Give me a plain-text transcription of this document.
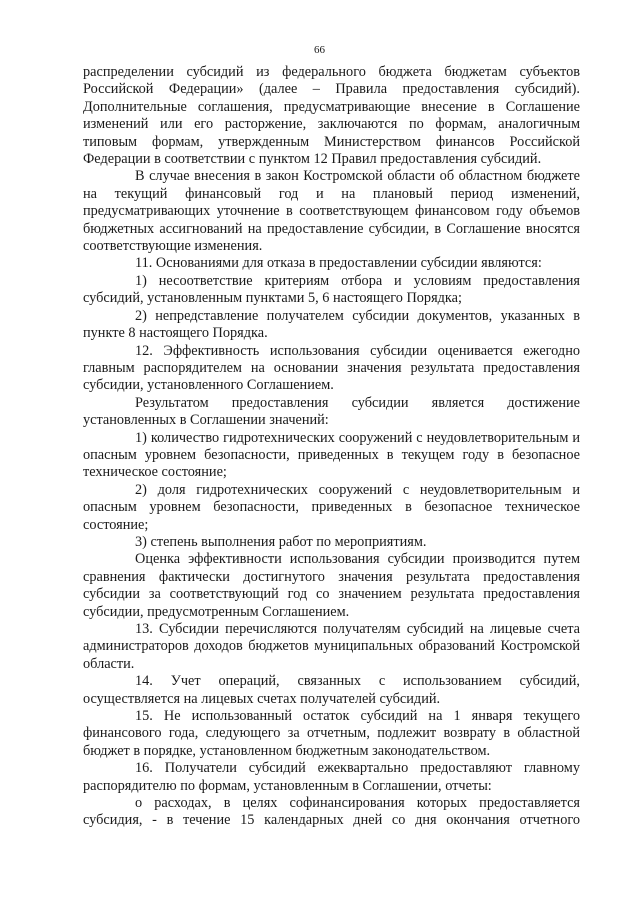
66

распределении субсидий из федерального бюджета бюджетам субъектов Российской Федерации» (далее – Правила предоставления субсидий). Дополнительные соглашения, предусматривающие внесение в Соглашение изменений или его расторжение, заключаются по формам, аналогичным типовым формам, утвержденным Министерством финансов Российской Федерации в соответствии с пунктом 12 Правил предоставления субсидий.

В случае внесения в закон Костромской области об областном бюджете на текущий финансовый год и на плановый период изменений, предусматривающих уточнение в соответствующем финансовом году объемов бюджетных ассигнований на предоставление субсидии, в Соглашение вносятся соответствующие изменения.

11. Основаниями для отказа в предоставлении субсидии являются:

1) несоответствие критериям отбора и условиям предоставления субсидий, установленным пунктами 5, 6 настоящего Порядка;

2) непредставление получателем субсидии документов, указанных в пункте 8 настоящего Порядка.

12. Эффективность использования субсидии оценивается ежегодно главным распорядителем на основании значения результата предоставления субсидии, установленного Соглашением.

Результатом предоставления субсидии является достижение установленных в Соглашении значений:

1) количество гидротехнических сооружений с неудовлетворительным и опасным уровнем безопасности, приведенных в текущем году в безопасное техническое состояние;

2) доля гидротехнических сооружений с неудовлетворительным и опасным уровнем безопасности, приведенных в безопасное техническое состояние;

3) степень выполнения работ по мероприятиям.

Оценка эффективности использования субсидии производится путем сравнения фактически достигнутого значения результата предоставления субсидии за соответствующий год со значением результата предоставления субсидии, предусмотренным Соглашением.

13. Субсидии перечисляются получателям субсидий на лицевые счета администраторов доходов бюджетов муниципальных образований Костромской области.

14. Учет операций, связанных с использованием субсидий, осуществляется на лицевых счетах получателей субсидий.

15. Не использованный остаток субсидий на 1 января текущего финансового года, следующего за отчетным, подлежит возврату в областной бюджет в порядке, установленном бюджетным законодательством.

16. Получатели субсидий ежеквартально предоставляют главному распорядителю по формам, установленным в Соглашении, отчеты:

о расходах, в целях софинансирования которых предоставляется субсидия, - в течение 15 календарных дней со дня окончания отчетного
